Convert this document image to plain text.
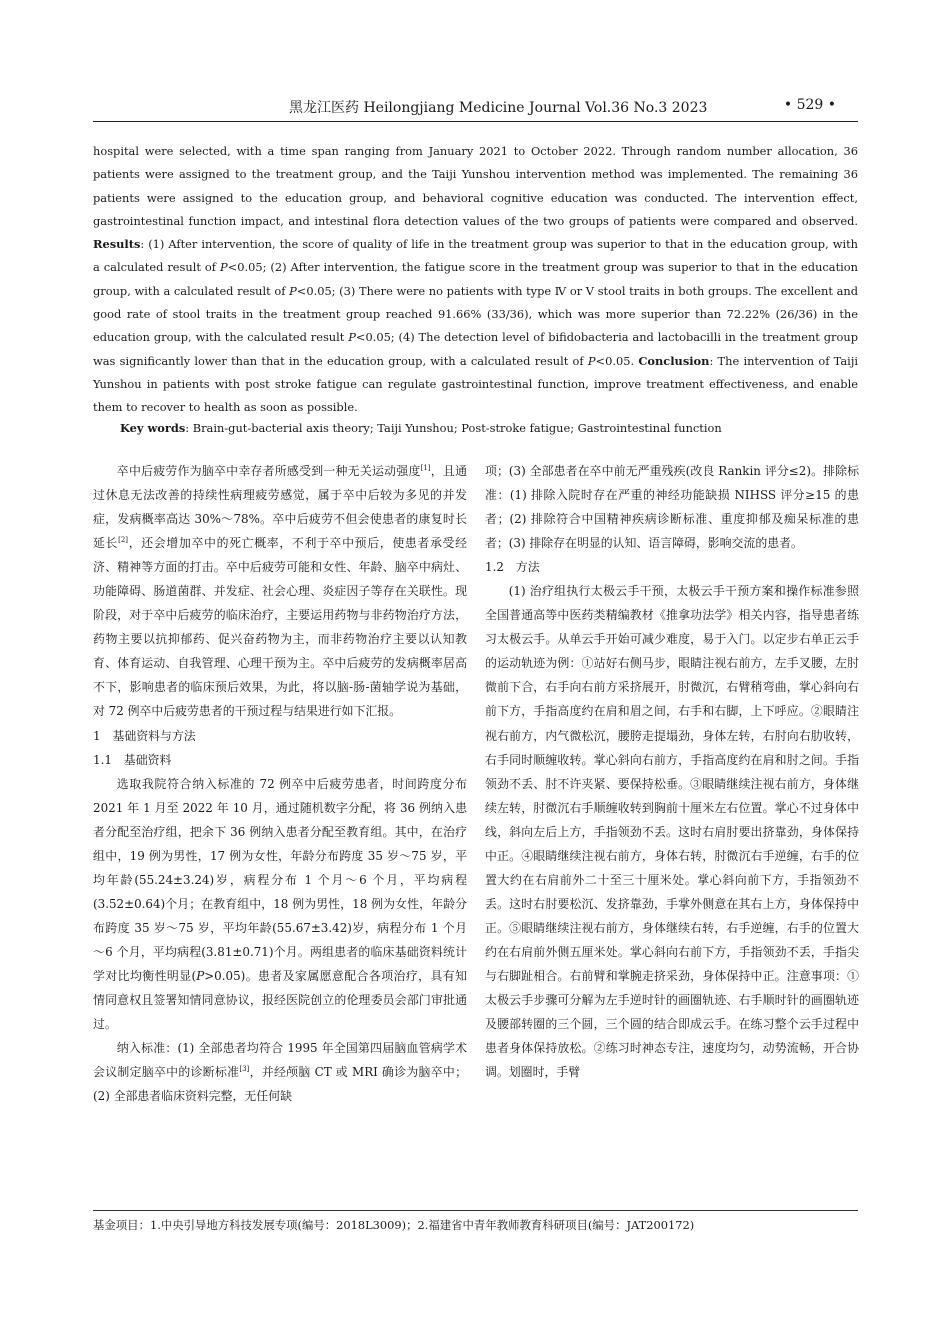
黑龙江医药 Heilongjiang Medicine Journal Vol.36 No.3 2023	• 529 •

hospital were selected, with a time span ranging from January 2021 to October 2022. Through random number allocation, 36 patients were assigned to the treatment group, and the Taiji Yunshou intervention method was implemented. The remaining 36 patients were assigned to the education group, and behavioral cognitive education was conducted. The intervention effect, gastrointestinal function impact, and intestinal flora detection values of the two groups of patients were compared and observed. Results: (1) After intervention, the score of quality of life in the treatment group was superior to that in the education group, with a calculated result of P<0.05; (2) After intervention, the fatigue score in the treatment group was superior to that in the education group, with a calculated result of P<0.05; (3) There were no patients with type Ⅳ or Ⅴ stool traits in both groups. The excellent and good rate of stool traits in the treatment group reached 91.66% (33/36), which was more superior than 72.22% (26/36) in the education group, with the calculated result P<0.05; (4) The detection level of bifidobacteria and lactobacilli in the treatment group was significantly lower than that in the education group, with a calculated result of P<0.05. Conclusion: The intervention of Taiji Yunshou in patients with post stroke fatigue can regulate gastrointestinal function, improve treatment effectiveness, and enable them to recover to health as soon as possible.

Key words: Brain-gut-bacterial axis theory; Taiji Yunshou; Post-stroke fatigue; Gastrointestinal function

卒中后疲劳作为脑卒中幸存者所感受到一种无关运动强度[1]，且通过休息无法改善的持续性病理疲劳感觉，属于卒中后较为多见的并发症，发病概率高达 30%～78%。卒中后疲劳不但会使患者的康复时长延长[2]，还会增加卒中的死亡概率，不利于卒中预后，使患者承受经济、精神等方面的打击。卒中后疲劳可能和女性、年龄、脑卒中病灶、功能障碍、肠道菌群、并发症、社会心理、炎症因子等存在关联性。现阶段，对于卒中后疲劳的临床治疗，主要运用药物与非药物治疗方法，药物主要以抗抑郁药、促兴奋药物为主，而非药物治疗主要以认知教育、体育运动、自我管理、心理干预为主。卒中后疲劳的发病概率居高不下，影响患者的临床预后效果，为此，将以脑-肠-菌轴学说为基础，对 72 例卒中后疲劳患者的干预过程与结果进行如下汇报。

1　基础资料与方法

1.1　基础资料

选取我院符合纳入标准的 72 例卒中后疲劳患者，时间跨度分布 2021 年 1 月至 2022 年 10 月，通过随机数字分配，将 36 例纳入患者分配至治疗组，把余下 36 例纳入患者分配至教育组。其中，在治疗组中，19 例为男性，17 例为女性，年龄分布跨度 35 岁～75 岁，平均年龄(55.24±3.24)岁，病程分布 1 个月～6 个月，平均病程(3.52±0.64)个月；在教育组中，18 例为男性，18 例为女性，年龄分布跨度 35 岁～75 岁，平均年龄(55.67±3.42)岁，病程分布 1 个月～6 个月，平均病程(3.81±0.71)个月。两组患者的临床基础资料统计学对比均衡性明显(P>0.05)。患者及家属愿意配合各项治疗，具有知情同意权且签署知情同意协议，报经医院创立的伦理委员会部门审批通过。

纳入标准：(1) 全部患者均符合 1995 年全国第四届脑血管病学术会议制定脑卒中的诊断标准[3]，并经颅脑 CT 或 MRI 确诊为脑卒中；(2) 全部患者临床资料完整，无任何缺

项；(3) 全部患者在卒中前无严重残疾(改良 Rankin 评分≤2)。排除标准：(1) 排除入院时存在严重的神经功能缺损 NIHSS 评分≥15 的患者；(2) 排除符合中国精神疾病诊断标准、重度抑郁及痴呆标准的患者；(3) 排除存在明显的认知、语言障碍，影响交流的患者。

1.2　方法

(1) 治疗组执行太极云手干预，太极云手干预方案和操作标准参照全国普通高等中医药类精编教材《推拿功法学》相关内容，指导患者练习太极云手。从单云手开始可减少难度，易于入门。以定步右单正云手的运动轨迹为例：①站好右侧马步，眼睛注视右前方，左手叉腰，左肘微前下合，右手向右前方采挤展开，肘微沉，右臂稍弯曲，掌心斜向右前下方，手指高度约在肩和眉之间，右手和右脚，上下呼应。②眼睛注视右前方，内气微松沉，腰胯走提塌劲，身体左转，右肘向右肋收转，右手同时顺缠收转。掌心斜向右前方，手指高度约在肩和肘之间。手指领劲不丢、肘不许夹紧、要保持松垂。③眼睛继续注视右前方，身体继续左转，肘微沉右手顺缠收转到胸前十厘米左右位置。掌心不过身体中线，斜向左后上方，手指领劲不丢。这时右肩肘要出挤靠劲，身体保持中正。④眼睛继续注视右前方，身体右转，肘微沉右手逆缠，右手的位置大约在右肩前外二十至三十厘米处。掌心斜向前下方，手指领劲不丢。这时右肘要松沉、发挤靠劲，手掌外侧意在其右上方，身体保持中正。⑤眼睛继续注视右前方，身体继续右转，右手逆缠，右手的位置大约在右肩前外侧五厘米处。掌心斜向右前下方，手指领劲不丢，手指尖与右脚趾相合。右前臂和掌腕走挤采劲，身体保持中正。注意事项：①太极云手步骤可分解为左手逆时针的画圈轨迹、右手顺时针的画圈轨迹及腰部转圈的三个圆，三个圆的结合即成云手。在练习整个云手过程中患者身体保持放松。②练习时神态专注，速度均匀，动势流畅，开合协调。划圈时，手臂

基金项目：1.中央引导地方科技发展专项(编号：2018L3009)；2.福建省中青年教师教育科研项目(编号：JAT200172)
